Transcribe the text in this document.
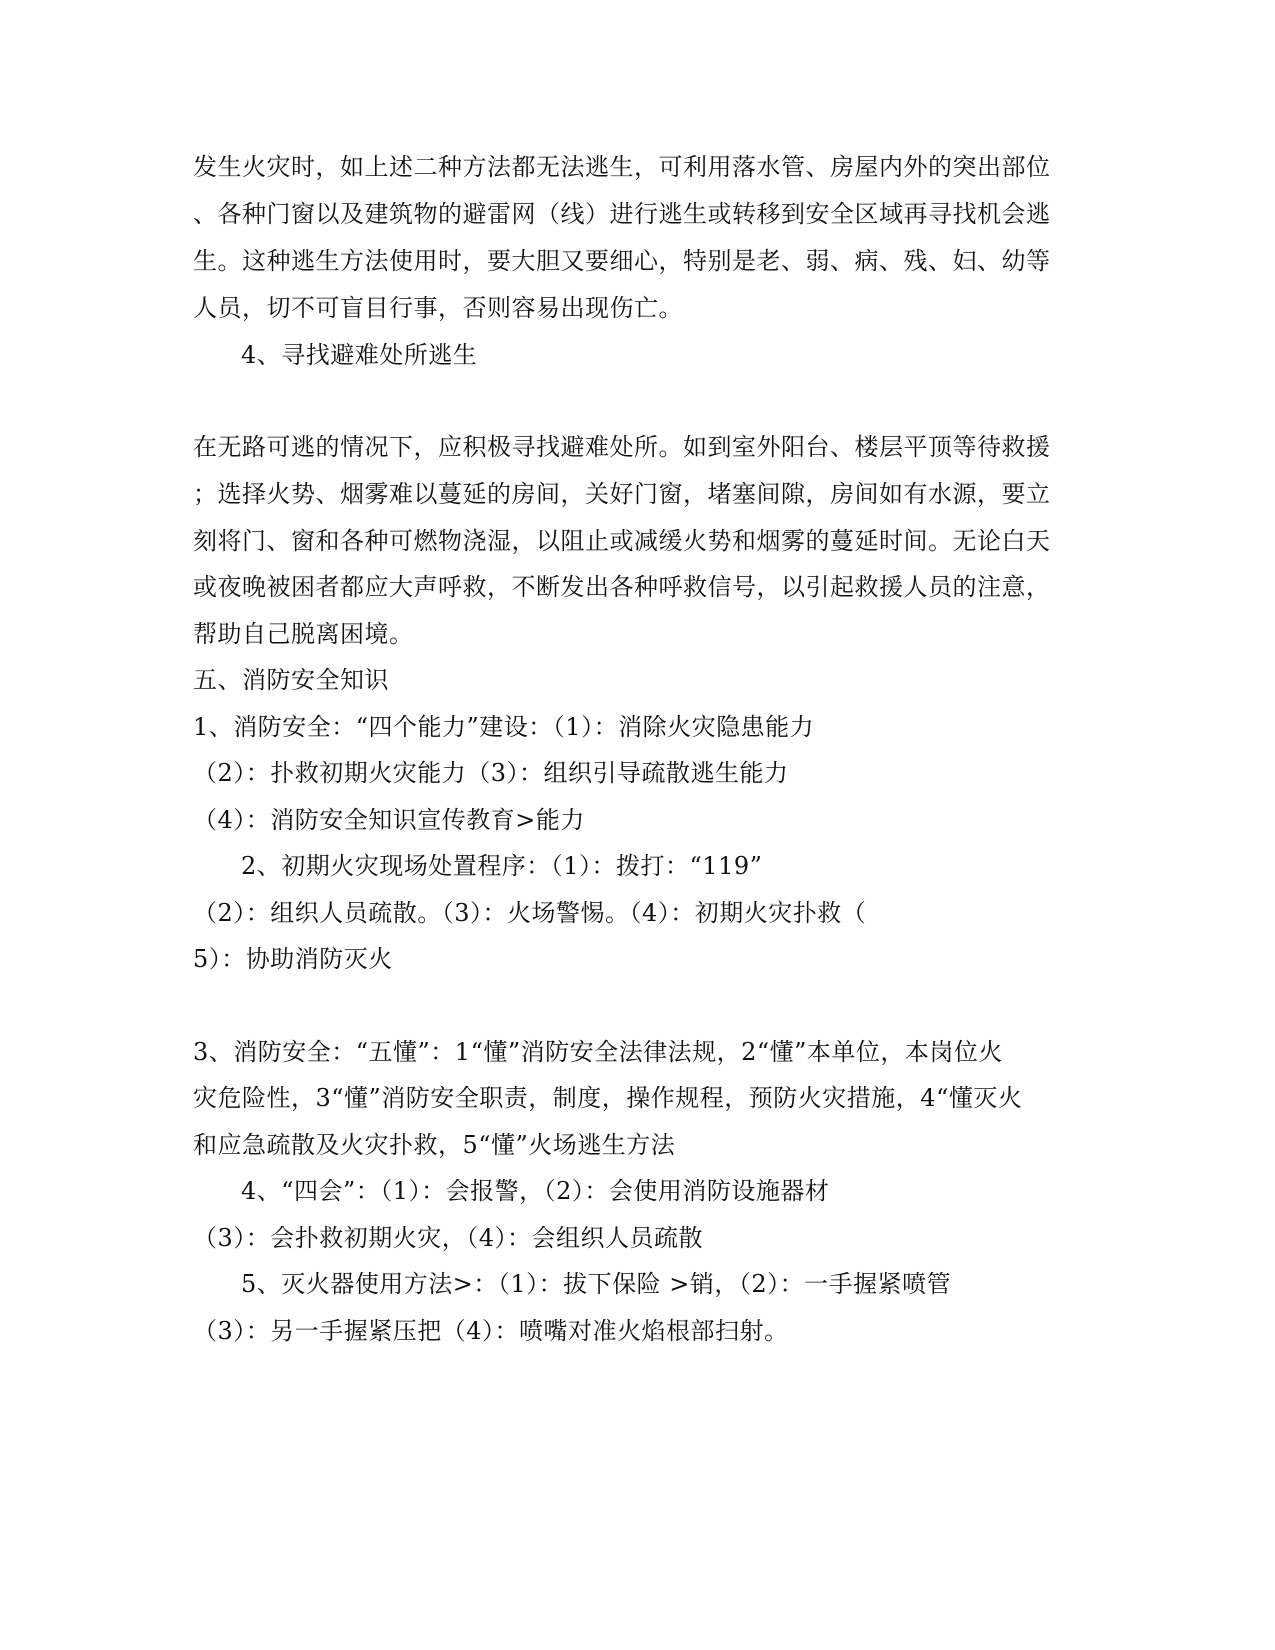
发生火灾时，如上述二种方法都无法逃生，可利用落水管、房屋内外的突出部位
、各种门窗以及建筑物的避雷网（线）进行逃生或转移到安全区域再寻找机会逃
生。这种逃生方法使用时，要大胆又要细心，特别是老、弱、病、残、妇、幼等
人员，切不可盲目行事，否则容易出现伤亡。
4、寻找避难处所逃生
在无路可逃的情况下，应积极寻找避难处所。如到室外阳台、楼层平顶等待救援
；选择火势、烟雾难以蔓延的房间，关好门窗，堵塞间隙，房间如有水源，要立
刻将门、窗和各种可燃物浇湿，以阻止或减缓火势和烟雾的蔓延时间。无论白天
或夜晚被困者都应大声呼救，不断发出各种呼救信号，以引起救援人员的注意，
帮助自己脱离困境。
五、消防安全知识
1、消防安全：“四个能力”建设：（1）：消除火灾隐患能力
（2）：扑救初期火灾能力（3）：组织引导疏散逃生能力
（4）：消防安全知识宣传教育>能力
2、初期火灾现场处置程序：（1）：拨打：“119”
（2）：组织人员疏散。（3）：火场警惕。（4）：初期火灾扑救（
5）：协助消防灭火
3、消防安全：“五懂”：1“懂”消防安全法律法规，2“懂”本单位，本岗位火
灾危险性，3“懂”消防安全职责，制度，操作规程，预防火灾措施，4“懂灭火
和应急疏散及火灾扑救，5“懂”火场逃生方法
4、“四会”：（1）：会报警，（2）：会使用消防设施器材
（3）：会扑救初期火灾，（4）：会组织人员疏散
5、灭火器使用方法>：（1）：拔下保险 >销，（2）：一手握紧喷管
（3）：另一手握紧压把（4）：喷嘴对准火焰根部扫射。
